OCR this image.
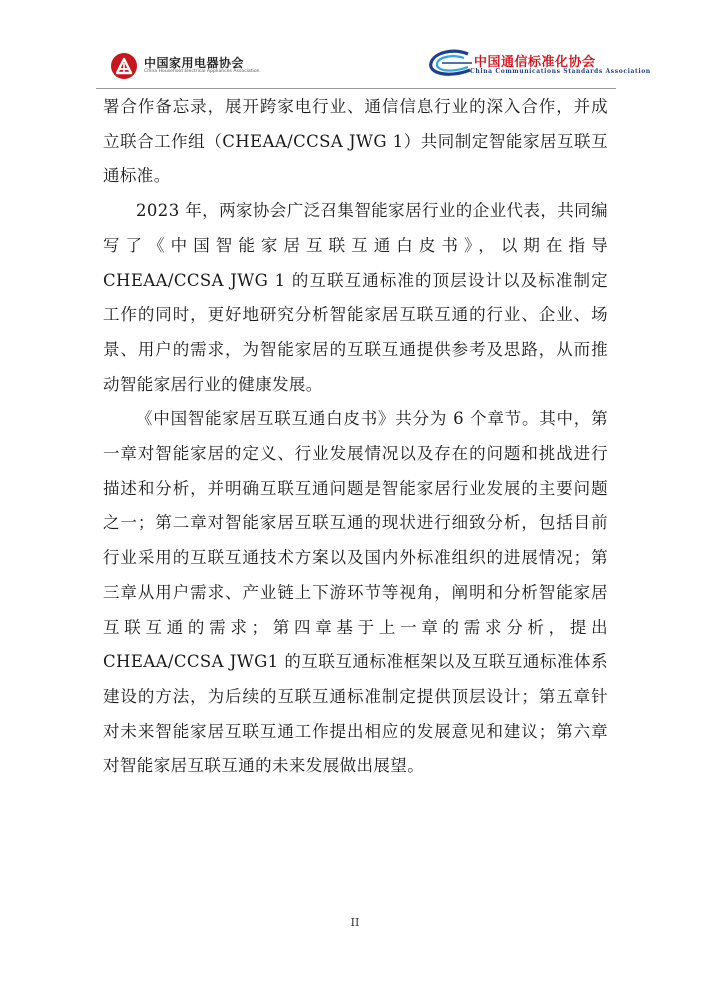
中国家用电器协会
China Household Electrical Appliances Association
中国通信标准化协会
China Communications Standards Association

署合作备忘录，展开跨家电行业、通信信息行业的深入合作，并成立联合工作组（CHEAA/CCSA JWG 1）共同制定智能家居互联互通标准。

2023 年，两家协会广泛召集智能家居行业的企业代表，共同编写了《中国智能家居互联互通白皮书》，以期在指导 CHEAA/CCSA JWG 1 的互联互通标准的顶层设计以及标准制定工作的同时，更好地研究分析智能家居互联互通的行业、企业、场景、用户的需求，为智能家居的互联互通提供参考及思路，从而推动智能家居行业的健康发展。

《中国智能家居互联互通白皮书》共分为 6 个章节。其中，第一章对智能家居的定义、行业发展情况以及存在的问题和挑战进行描述和分析，并明确互联互通问题是智能家居行业发展的主要问题之一；第二章对智能家居互联互通的现状进行细致分析，包括目前行业采用的互联互通技术方案以及国内外标准组织的进展情况；第三章从用户需求、产业链上下游环节等视角，阐明和分析智能家居互联互通的需求；第四章基于上一章的需求分析，提出 CHEAA/CCSA JWG1 的互联互通标准框架以及互联互通标准体系建设的方法，为后续的互联互通标准制定提供顶层设计；第五章针对未来智能家居互联互通工作提出相应的发展意见和建议；第六章对智能家居互联互通的未来发展做出展望。

II
